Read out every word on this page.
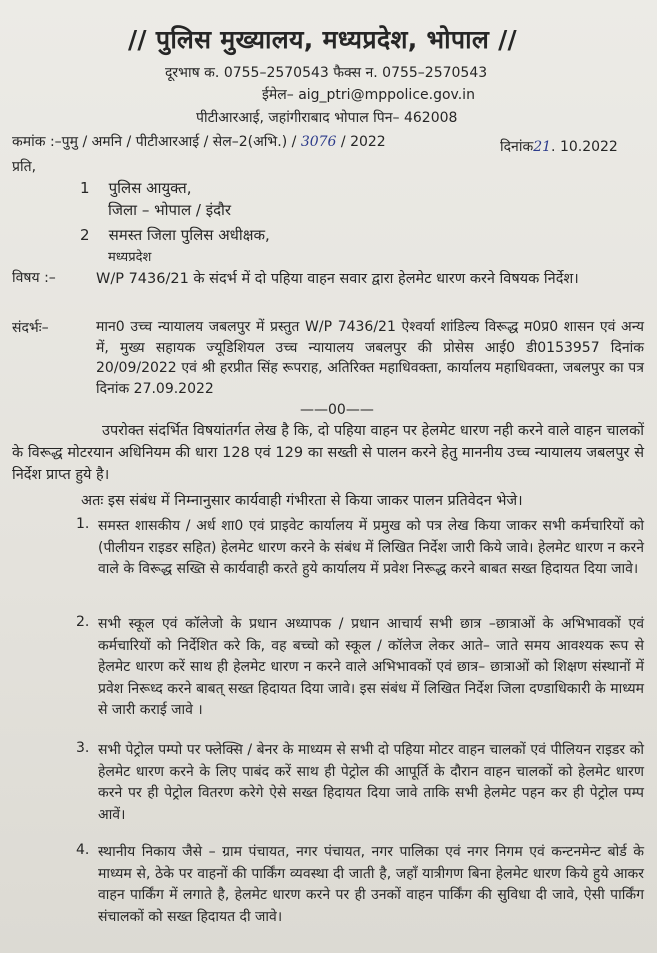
// पुलिस मुख्यालय, मध्यप्रदेश, भोपाल //
दूरभाष क. 0755–2570543 फैक्स न. 0755–2570543
ईमेल– aig_ptri@mppolice.gov.in
पीटीआरआई, जहांगीराबाद भोपाल पिन– 462008
कमांक :–पुमु / अमनि / पीटीआरआई / सेल–2(अभि.) / 3076 / 2022	दिनांक21. 10.2022
प्रति,
1 पुलिस आयुक्त,
जिला – भोपाल / इंदौर
2 समस्त जिला पुलिस अधीक्षक,
मध्यप्रदेश
विषय :–	W/P 7436/21 के संदर्भ में दो पहिया वाहन सवार द्वारा हेलमेट धारण करने विषयक निर्देश।
संदर्भः–	मान0 उच्च न्यायालय जबलपुर में प्रस्तुत W/P 7436/21 ऐश्वर्या शांडिल्य विरूद्ध म0प्र0 शासन एवं अन्य में, मुख्य सहायक ज्यूडिशियल उच्च न्यायालय जबलपुर की प्रोसेस आई0 डी0153957 दिनांक 20/09/2022 एवं श्री हरप्रीत सिंह रूपराह, अतिरिक्त महाधिवक्ता, कार्यालय महाधिवक्ता, जबलपुर का पत्र दिनांक 27.09.2022
——00——
उपरोक्त संदर्भित विषयांतर्गत लेख है कि, दो पहिया वाहन पर हेलमेट धारण नही करने वाले वाहन चालकों के विरूद्ध मोटरयान अधिनियम की धारा 128 एवं 129 का सख्ती से पालन करने हेतु माननीय उच्च न्यायालय जबलपुर से निर्देश प्राप्त हुये है।
अतः इस संबंध में निम्नानुसार कार्यवाही गंभीरता से किया जाकर पालन प्रतिवेदन भेजे।
1. समस्त शासकीय / अर्ध शा0 एवं प्राइवेट कार्यालय में प्रमुख को पत्र लेख किया जाकर सभी कर्मचारियों को (पीलीयन राइडर सहित) हेलमेट धारण करने के संबंध में लिखित निर्देश जारी किये जावे। हेलमेट धारण न करने वाले के विरूद्ध सख्ति से कार्यवाही करते हुये कार्यालय में प्रवेश निरूद्ध करने बाबत सख्त हिदायत दिया जावे।
2. सभी स्कूल एवं कॉलेजो के प्रधान अध्यापक / प्रधान आचार्य सभी छात्र –छात्राओं के अभिभावकों एवं कर्मचारियों को निर्देशित करे कि, वह बच्चो को स्कूल / कॉलेज लेकर आते– जाते समय आवश्यक रूप से हेलमेट धारण करें साथ ही हेलमेट धारण न करने वाले अभिभावकों एवं छात्र– छात्राओं को शिक्षण संस्थानों में प्रवेश निरूध्द करने बाबत् सख्त हिदायत दिया जावे। इस संबंध में लिखित निर्देश जिला दण्डाधिकारी के माध्यम से जारी कराई जावे ।
3. सभी पेट्रोल पम्पो पर फ्लेक्सि / बेनर के माध्यम से सभी दो पहिया मोटर वाहन चालकों एवं पीलियन राइडर को हेलमेट धारण करने के लिए पाबंद करें साथ ही पेट्रोल की आपूर्ति के दौरान वाहन चालकों को हेलमेट धारण करने पर ही पेट्रोल वितरण करेगे ऐसे सख्त हिदायत दिया जावे ताकि सभी हेलमेट पहन कर ही पेट्रोल पम्प आवें।
4. स्थानीय निकाय जैसे – ग्राम पंचायत, नगर पंचायत, नगर पालिका एवं नगर निगम एवं कन्टनमेन्ट बोर्ड के माध्यम से, ठेके पर वाहनों की पार्किंग व्यवस्था दी जाती है, जहाँ यात्रीगण बिना हेलमेट धारण किये हुये आकर वाहन पार्किंग में लगाते है, हेलमेट धारण करने पर ही उनकों वाहन पार्किंग की सुविधा दी जावे, ऐसी पार्किंग संचालकों को सख्त हिदायत दी जावे।
